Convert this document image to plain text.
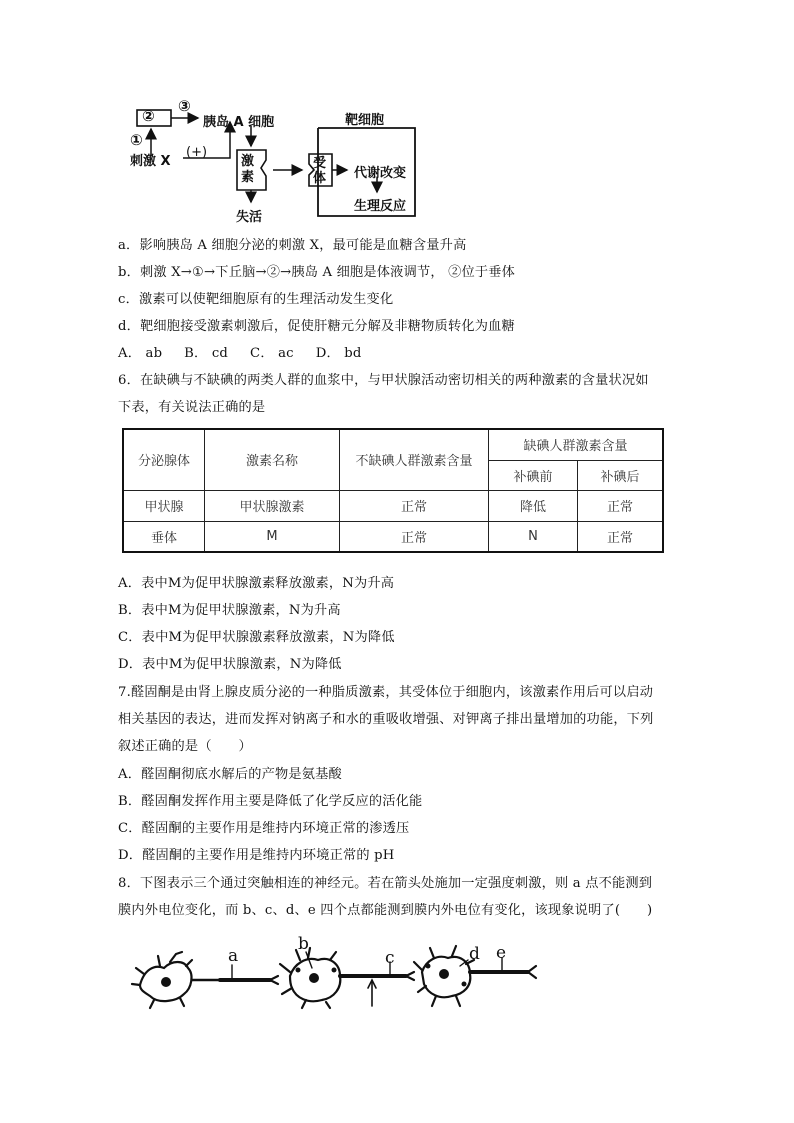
②
③
①
胰岛 A 细胞
刺激 X
(+)
激素
失活
靶细胞
受体 代谢改变
生理反应
a．影响胰岛 A 细胞分泌的刺激 X，最可能是血糖含量升高
b．刺激 X→①→下丘脑→②→胰岛 A 细胞是体液调节， ②位于垂体
c．激素可以使靶细胞原有的生理活动发生变化
d．靶细胞接受激素刺激后，促使肝糖元分解及非糖物质转化为血糖
A． ab     B． cd     C． ac     D． bd
6．在缺碘与不缺碘的两类人群的血浆中，与甲状腺活动密切相关的两种激素的含量状况如
下表，有关说法正确的是
分泌腺体	激素名称	不缺碘人群激素含量	缺碘人群激素含量	
			补碘前	补碘后
甲状腺	甲状腺激素	正常	降低	正常
垂体	M	正常	N	正常
A．表中M为促甲状腺激素释放激素，N为升高
B．表中M为促甲状腺激素，N为升高
C．表中M为促甲状腺激素释放激素，N为降低
D．表中M为促甲状腺激素，N为降低
7.醛固酮是由肾上腺皮质分泌的一种脂质激素，其受体位于细胞内，该激素作用后可以启动
相关基因的表达，进而发挥对钠离子和水的重吸收增强、对钾离子排出量增加的功能，下列
叙述正确的是（　　）
A．醛固酮彻底水解后的产物是氨基酸
B．醛固酮发挥作用主要是降低了化学反应的活化能
C．醛固酮的主要作用是维持内环境正常的渗透压
D．醛固酮的主要作用是维持内环境正常的 pH
8．下图表示三个通过突触相连的神经元。若在箭头处施加一定强度刺激，则 a 点不能测到
膜内外电位变化，而 b、c、d、e 四个点都能测到膜内外电位有变化，该现象说明了(　　)
a
b
c	d e
